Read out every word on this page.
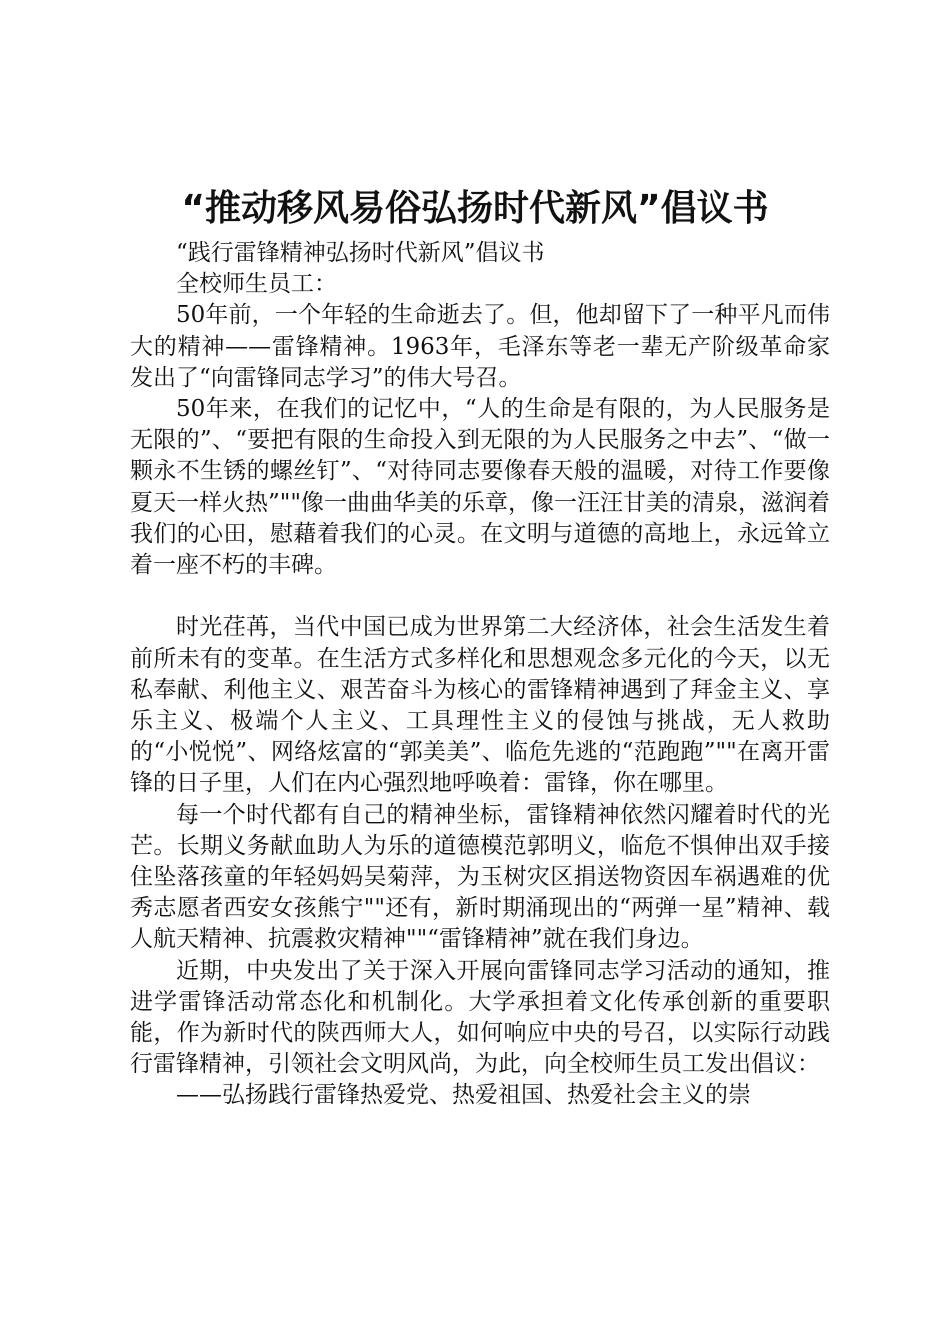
“推动移风易俗弘扬时代新风”倡议书

“践行雷锋精神弘扬时代新风”倡议书

全校师生员工：

50年前，一个年轻的生命逝去了。但，他却留下了一种平凡而伟大的精神——雷锋精神。1963年，毛泽东等老一辈无产阶级革命家发出了“向雷锋同志学习”的伟大号召。

50年来，在我们的记忆中，“人的生命是有限的，为人民服务是无限的”、“要把有限的生命投入到无限的为人民服务之中去”、“做一颗永不生锈的螺丝钉”、“对待同志要像春天般的温暖，对待工作要像夏天一样火热”""像一曲曲华美的乐章，像一汪汪甘美的清泉，滋润着我们的心田，慰藉着我们的心灵。在文明与道德的高地上，永远耸立着一座不朽的丰碑。

时光荏苒，当代中国已成为世界第二大经济体，社会生活发生着前所未有的变革。在生活方式多样化和思想观念多元化的今天，以无私奉献、利他主义、艰苦奋斗为核心的雷锋精神遇到了拜金主义、享乐主义、极端个人主义、工具理性主义的侵蚀与挑战，无人救助的“小悦悦”、网络炫富的“郭美美”、临危先逃的“范跑跑”""在离开雷锋的日子里，人们在内心强烈地呼唤着：雷锋，你在哪里。

每一个时代都有自己的精神坐标，雷锋精神依然闪耀着时代的光芒。长期义务献血助人为乐的道德模范郭明义，临危不惧伸出双手接住坠落孩童的年轻妈妈吴菊萍，为玉树灾区捐送物资因车祸遇难的优秀志愿者西安女孩熊宁""还有，新时期涌现出的“两弹一星”精神、载人航天精神、抗震救灾精神""“雷锋精神”就在我们身边。

近期，中央发出了关于深入开展向雷锋同志学习活动的通知，推进学雷锋活动常态化和机制化。大学承担着文化传承创新的重要职能，作为新时代的陕西师大人，如何响应中央的号召，以实际行动践行雷锋精神，引领社会文明风尚，为此，向全校师生员工发出倡议：

——弘扬践行雷锋热爱党、热爱祖国、热爱社会主义的崇
